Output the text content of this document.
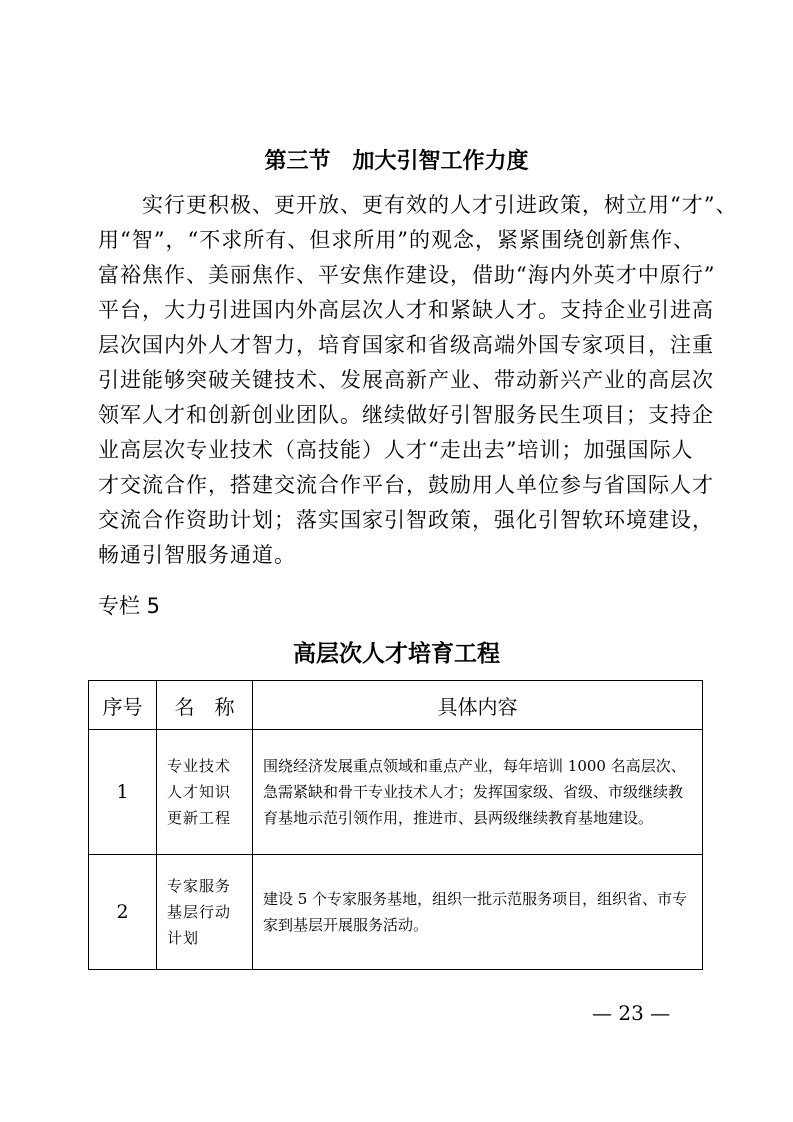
第三节　加大引智工作力度
实行更积极、更开放、更有效的人才引进政策，树立用“才”、
用“智”，“不求所有、但求所用”的观念，紧紧围绕创新焦作、
富裕焦作、美丽焦作、平安焦作建设，借助“海内外英才中原行”
平台，大力引进国内外高层次人才和紧缺人才。支持企业引进高
层次国内外人才智力，培育国家和省级高端外国专家项目，注重
引进能够突破关键技术、发展高新产业、带动新兴产业的高层次
领军人才和创新创业团队。继续做好引智服务民生项目；支持企
业高层次专业技术（高技能）人才“走出去”培训；加强国际人
才交流合作，搭建交流合作平台，鼓励用人单位参与省国际人才
交流合作资助计划；落实国家引智政策，强化引智软环境建设，
畅通引智服务通道。
专栏 5
高层次人才培育工程
序号	名　称	具体内容
1	专业技术人才知识更新工程	围绕经济发展重点领域和重点产业，每年培训 1000 名高层次、急需紧缺和骨干专业技术人才；发挥国家级、省级、市级继续教育基地示范引领作用，推进市、县两级继续教育基地建设。
2	专家服务基层行动计划	建设 5 个专家服务基地，组织一批示范服务项目，组织省、市专家到基层开展服务活动。
— 23 —
